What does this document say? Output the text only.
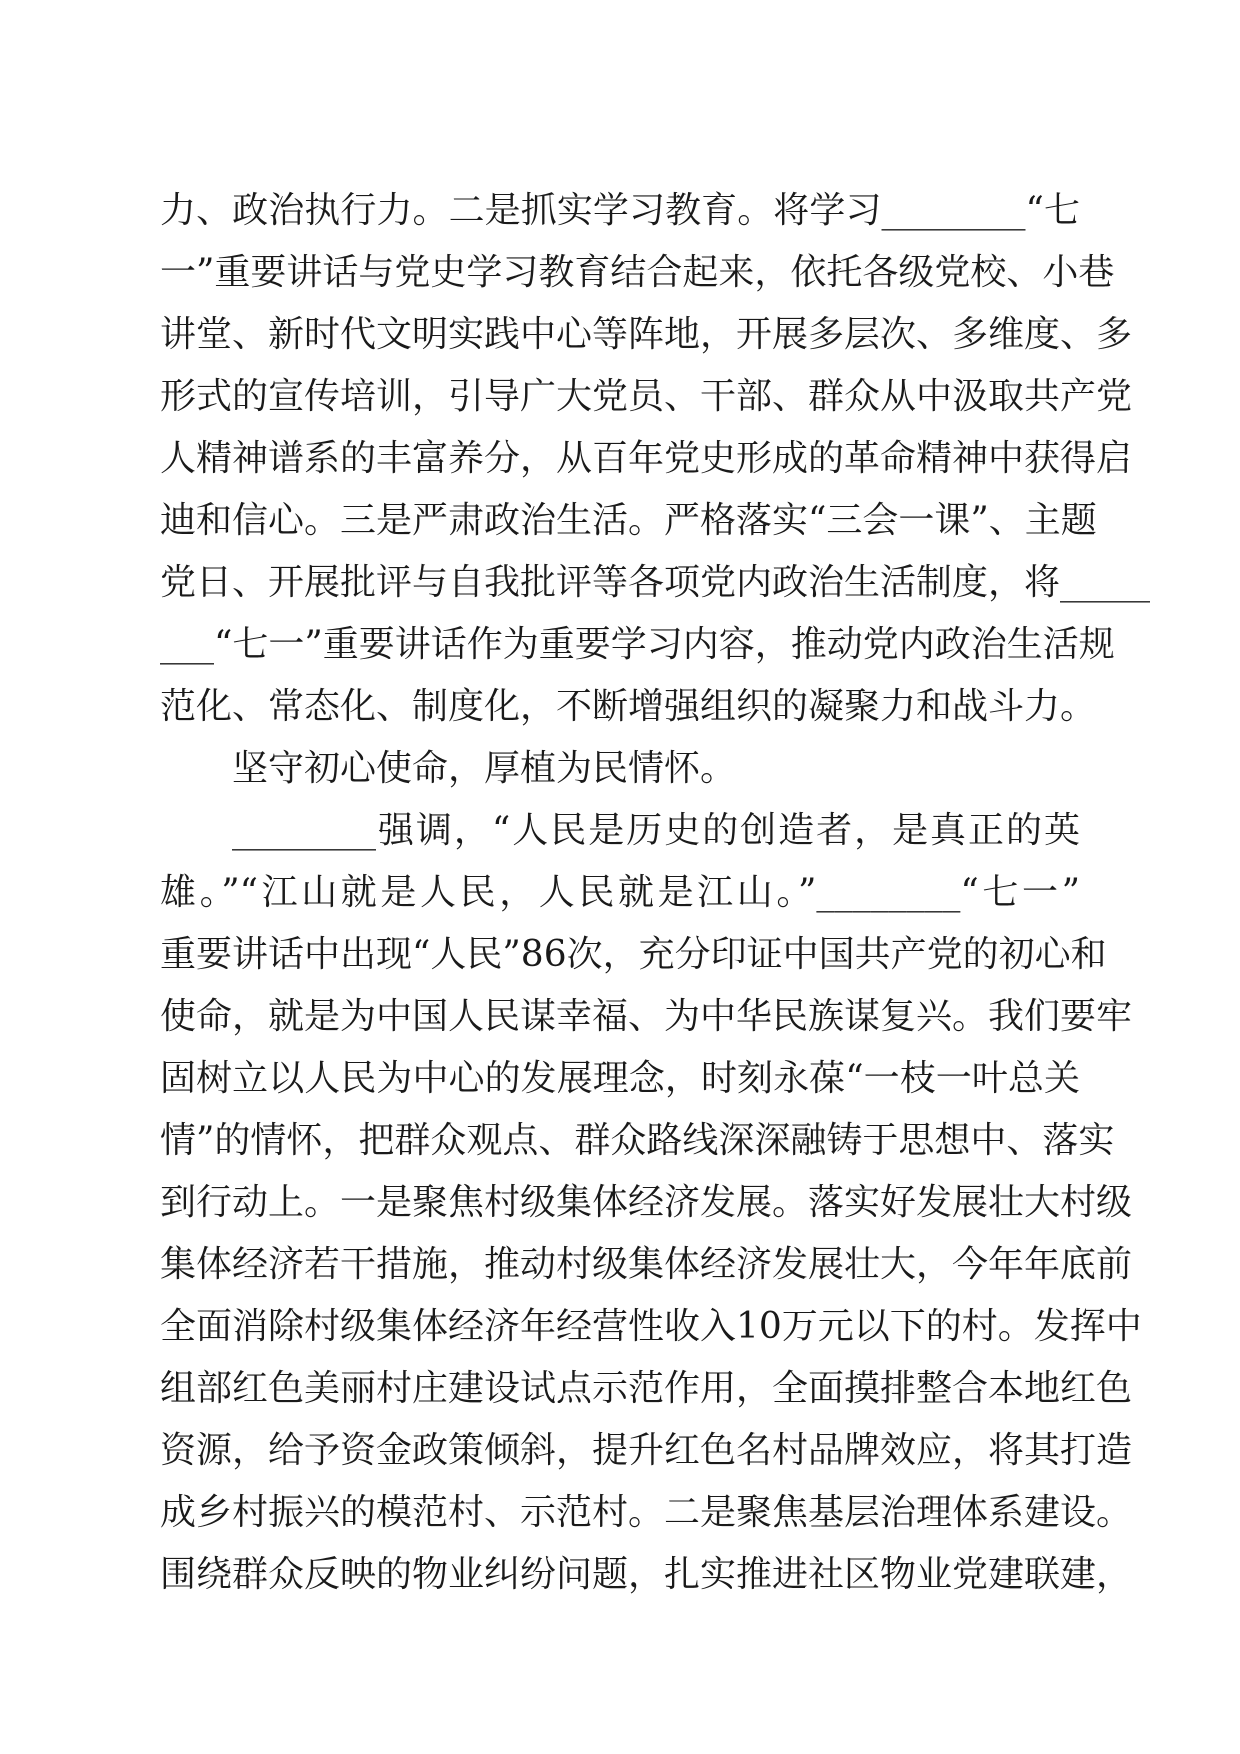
力、政治执行力。二是抓实学习教育。将学习________“七
一”重要讲话与党史学习教育结合起来，依托各级党校、小巷
讲堂、新时代文明实践中心等阵地，开展多层次、多维度、多
形式的宣传培训，引导广大党员、干部、群众从中汲取共产党
人精神谱系的丰富养分，从百年党史形成的革命精神中获得启
迪和信心。三是严肃政治生活。严格落实“三会一课”、主题
党日、开展批评与自我批评等各项党内政治生活制度，将_____
___“七一”重要讲话作为重要学习内容，推动党内政治生活规
范化、常态化、制度化，不断增强组织的凝聚力和战斗力。
坚守初心使命，厚植为民情怀。
________强调，“人民是历史的创造者，是真正的英
雄。”“江山就是人民，人民就是江山。”________“七一”
重要讲话中出现“人民”86次，充分印证中国共产党的初心和
使命，就是为中国人民谋幸福、为中华民族谋复兴。我们要牢
固树立以人民为中心的发展理念，时刻永葆“一枝一叶总关
情”的情怀，把群众观点、群众路线深深融铸于思想中、落实
到行动上。一是聚焦村级集体经济发展。落实好发展壮大村级
集体经济若干措施，推动村级集体经济发展壮大，今年年底前
全面消除村级集体经济年经营性收入10万元以下的村。发挥中
组部红色美丽村庄建设试点示范作用，全面摸排整合本地红色
资源，给予资金政策倾斜，提升红色名村品牌效应，将其打造
成乡村振兴的模范村、示范村。二是聚焦基层治理体系建设。
围绕群众反映的物业纠纷问题，扎实推进社区物业党建联建，
